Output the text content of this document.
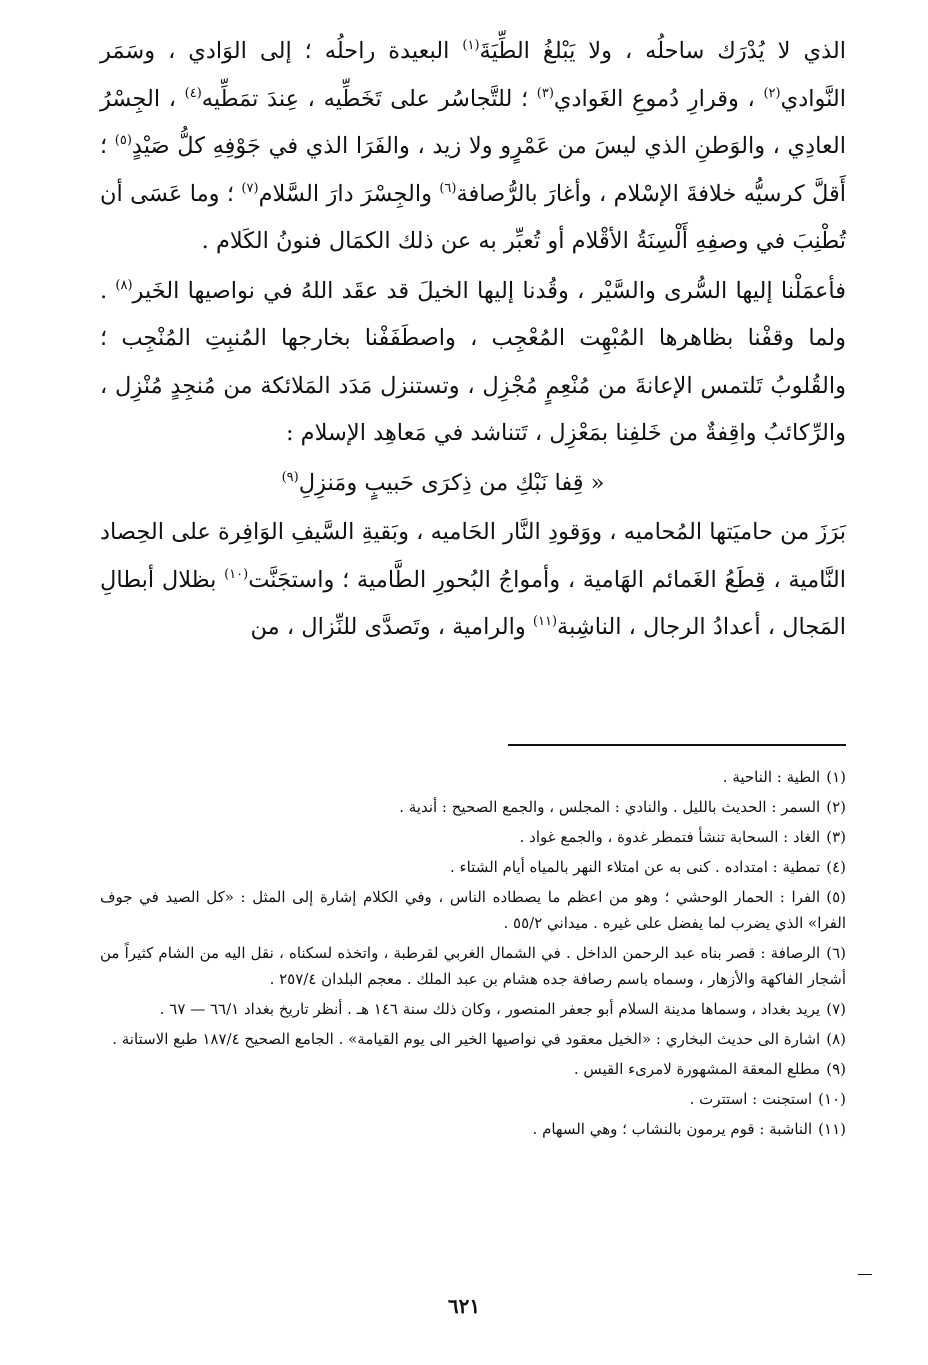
الذي لا يُدْرَك ساحلُه ، ولا يَبْلغُ الطِّيَةَ$^{(١)}$ البعيدة راحلُه ؛ إلى الوَادي ، وسَمَر النَّوادي$^{(٢)}$ ، وقرارِ دُموعِ الغَوادي$^{(٣)}$ ؛ للتَّجاسُر على تَخَطِّيه ، عِندَ تمَطِّيه$^{(٤)}$ ، الجِسْرُ العادِي ، والوَطنِ الذي ليسَ من عَمْرٍو ولا زيد ، والفَرَا الذي في جَوْفِهِ كلُّ صَيْدٍ$^{(٥)}$ ؛ أَقلَّ كرسيُّه خلافةَ الإسْلام ، وأغارَ بالرُّصافة$^{(٦)}$ والجِسْرَ دارَ السَّلام$^{(٧)}$ ؛ وما عَسَى أن تُطْنِبَ في وصفِهِ أَلْسِنَةُ الأقْلام أو تُعبِّر به عن ذلك الكمَال فنونُ الكَلام .

فأعمَلْنا إليها السُّرى والسَّيْر ، وقُدنا إليها الخيلَ قد عقَد اللهُ في نواصيها الخَير$^{(٨)}$ . ولما وقفْنا بظاهرها المُبْهِت المُعْجِب ، واصطَفَفْنا بخارجها المُنبِتِ المُنْجِب ؛ والقُلوبُ تَلتمس الإعانةَ من مُنْعِمٍ مُجْزِل ، وتستنزل مَدَد المَلائكة من مُنجِدٍ مُنْزِل ، والرِّكائبُ واقِفةٌ من خَلفِنا بمَعْزِل ، تَتناشد في مَعاهِد الإسلام :

« قِفا نَبْكِ من ذِكرَى حَبيبٍ ومَنزِلِ$^{(٩)}$

بَرَزَ من حاميَتها المُحاميه ، ووَقودِ النَّار الحَاميه ، وبَقيةِ السَّيفِ الوَافِرة على الحِصاد النَّامية ، قِطَعُ الغَمائم الهَامية ، وأمواجُ البُحورِ الطَّامية ؛ واستجَنَّت$^{(١٠)}$ بظلال أبطالِ المَجال ، أعدادُ الرجال ، الناشِبة$^{(١١)}$ والرامية ، وتَصدَّى للنِّزال ، من

(١)الطية : الناحية .

(٢)السمر : الحديث بالليل . والنادي : المجلس ، والجمع الصحيح : أندية .

(٣)الغاد : السحابة تنشأ فتمطر غدوة ، والجمع غواد .

(٤)تمطية : امتداده . كنى به عن امتلاء النهر بالمياه أيام الشتاء .

(٥)الفرا : الحمار الوحشي ؛ وهو من اعظم ما يصطاده الناس ، وفي الكلام إشارة إلى المثل : «كل الصيد في جوف الفرا» الذي يضرب لما يفضل على غيره . ميداني ٥٥/٢ .

(٦)الرصافة : قصر بناه عبد الرحمن الداخل . في الشمال الغربي لقرطبة ، واتخذه لسكناه ، نقل اليه من الشام كثيراً من أشجار الفاكهة والأزهار ، وسماه باسم رصافة جده هشام بن عبد الملك . معجم البلدان ٢٥٧/٤ .

(٧)يريد بغداد ، وسماها مدينة السلام أبو جعفر المنصور ، وكان ذلك سنة ١٤٦ هـ . أنظر تاريخ بغداد ٦٦/١ — ٦٧ .

(٨)اشارة الى حديث البخاري : «الخيل معقود في نواصيها الخير الى يوم القيامة» . الجامع الصحيح ١٨٧/٤ طبع الاستانة .

(٩)مطلع المعقة المشهورة لامرىء القيس .

(١٠)استجنت : استترت .

(١١)الناشبة : قوم يرمون بالنشاب ؛ وهي السهام .

٦٢١
